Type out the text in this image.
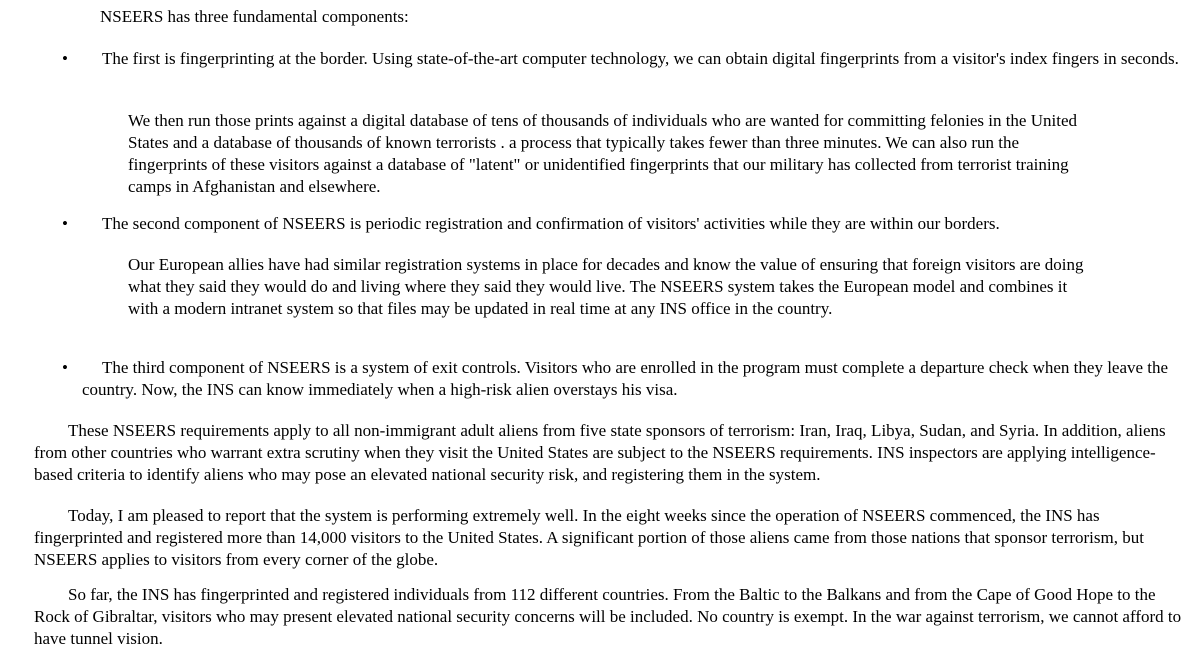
NSEERS has three fundamental components:

•	The first is fingerprinting at the border. Using state-of-the-art computer technology, we can obtain digital fingerprints from a visitor's index fingers in seconds.

We then run those prints against a digital database of tens of thousands of individuals who are wanted for committing felonies in the United States and a database of thousands of known terrorists . a process that typically takes fewer than three minutes. We can also run the fingerprints of these visitors against a database of "latent" or unidentified fingerprints that our military has collected from terrorist training camps in Afghanistan and elsewhere.

•	The second component of NSEERS is periodic registration and confirmation of visitors' activities while they are within our borders.

Our European allies have had similar registration systems in place for decades and know the value of ensuring that foreign visitors are doing what they said they would do and living where they said they would live. The NSEERS system takes the European model and combines it with a modern intranet system so that files may be updated in real time at any INS office in the country.

•	The third component of NSEERS is a system of exit controls. Visitors who are enrolled in the program must complete a departure check when they leave the country. Now, the INS can know immediately when a high-risk alien overstays his visa.

These NSEERS requirements apply to all non-immigrant adult aliens from five state sponsors of terrorism: Iran, Iraq, Libya, Sudan, and Syria. In addition, aliens from other countries who warrant extra scrutiny when they visit the United States are subject to the NSEERS requirements. INS inspectors are applying intelligence-based criteria to identify aliens who may pose an elevated national security risk, and registering them in the system.

Today, I am pleased to report that the system is performing extremely well. In the eight weeks since the operation of NSEERS commenced, the INS has fingerprinted and registered more than 14,000 visitors to the United States. A significant portion of those aliens came from those nations that sponsor terrorism, but NSEERS applies to visitors from every corner of the globe.

So far, the INS has fingerprinted and registered individuals from 112 different countries. From the Baltic to the Balkans and from the Cape of Good Hope to the Rock of Gibraltar, visitors who may present elevated national security concerns will be included. No country is exempt. In the war against terrorism, we cannot afford to have tunnel vision.
